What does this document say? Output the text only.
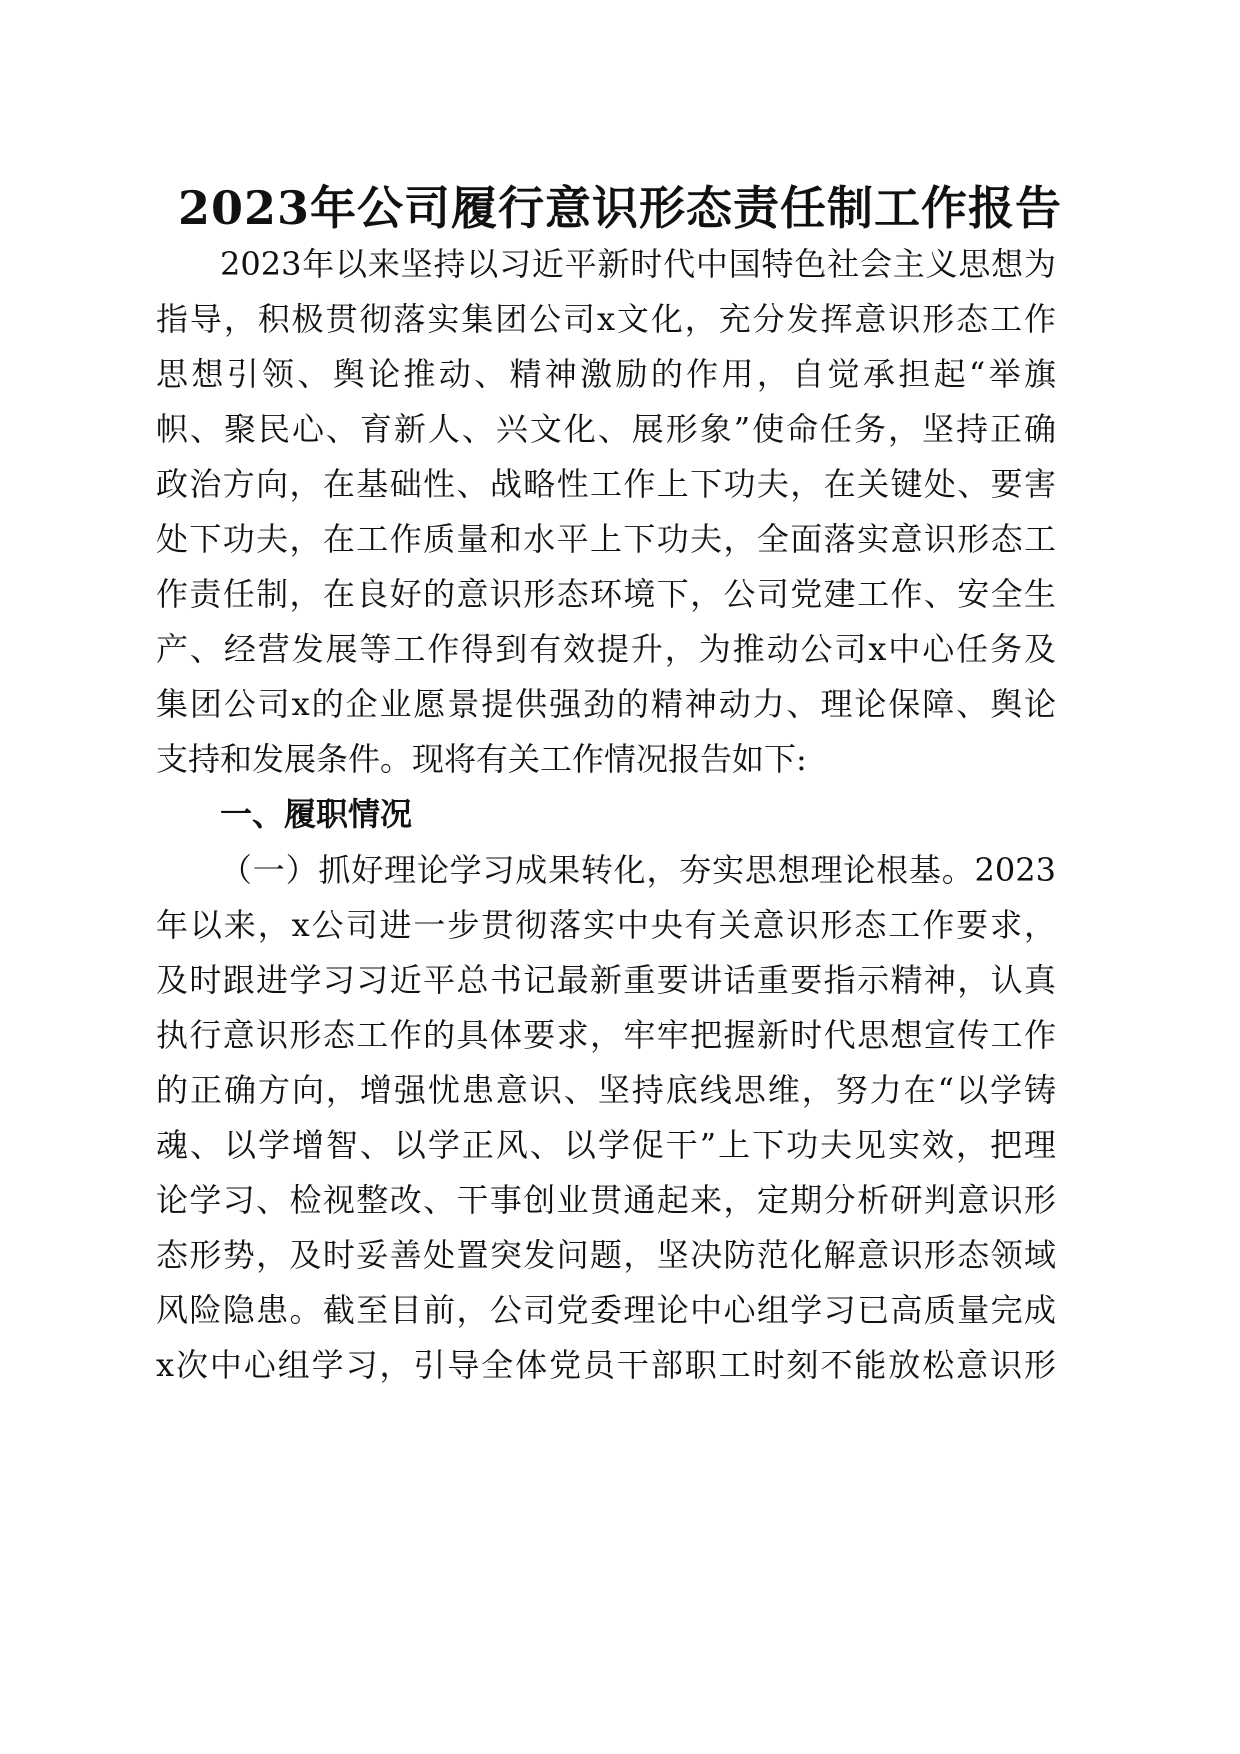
2023年公司履行意识形态责任制工作报告

2023年以来坚持以习近平新时代中国特色社会主义思想为

指导，积极贯彻落实集团公司x文化，充分发挥意识形态工作

思想引领、舆论推动、精神激励的作用，自觉承担起“举旗

帜、聚民心、育新人、兴文化、展形象”使命任务，坚持正确

政治方向，在基础性、战略性工作上下功夫，在关键处、要害

处下功夫，在工作质量和水平上下功夫，全面落实意识形态工

作责任制，在良好的意识形态环境下，公司党建工作、安全生

产、经营发展等工作得到有效提升，为推动公司x中心任务及

集团公司x的企业愿景提供强劲的精神动力、理论保障、舆论

支持和发展条件。现将有关工作情况报告如下:

一、履职情况

（一）抓好理论学习成果转化，夯实思想理论根基。2023

年以来，x公司进一步贯彻落实中央有关意识形态工作要求，

及时跟进学习习近平总书记最新重要讲话重要指示精神，认真

执行意识形态工作的具体要求，牢牢把握新时代思想宣传工作

的正确方向，增强忧患意识、坚持底线思维，努力在“以学铸

魂、以学增智、以学正风、以学促干”上下功夫见实效，把理

论学习、检视整改、干事创业贯通起来，定期分析研判意识形

态形势，及时妥善处置突发问题，坚决防范化解意识形态领域

风险隐患。截至目前，公司党委理论中心组学习已高质量完成

x次中心组学习，引导全体党员干部职工时刻不能放松意识形
